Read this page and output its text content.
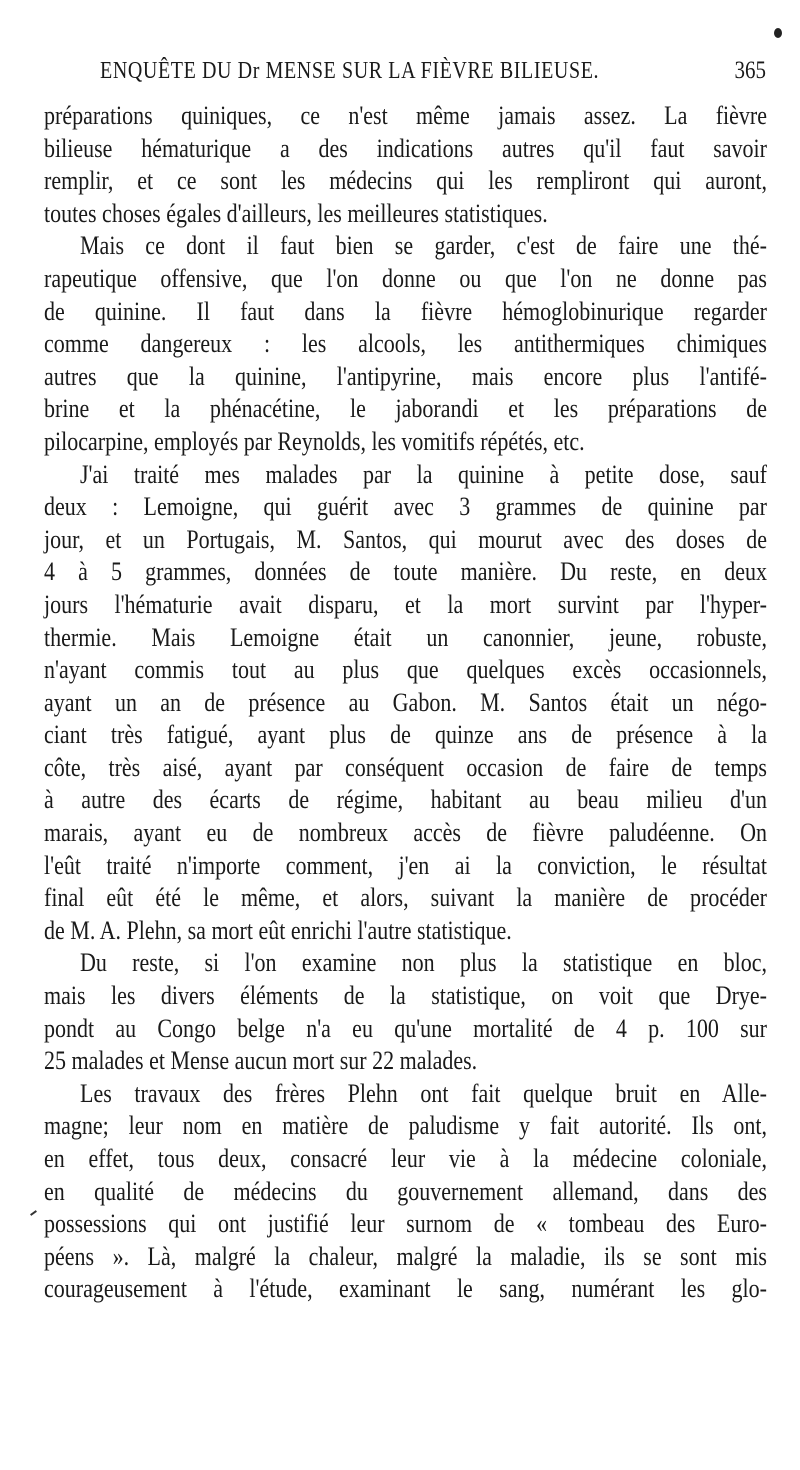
ENQUÊTE DU Dr MENSE SUR LA FIÈVRE BILIEUSE.	365
préparations quiniques, ce n'est même jamais assez. La fièvre
bilieuse hématurique a des indications autres qu'il faut savoir
remplir, et ce sont les médecins qui les rempliront qui auront,
toutes choses égales d'ailleurs, les meilleures statistiques.
Mais ce dont il faut bien se garder, c'est de faire une thé-
rapeutique offensive, que l'on donne ou que l'on ne donne pas
de quinine. Il faut dans la fièvre hémoglobinurique regarder
comme dangereux : les alcools, les antithermiques chimiques
autres que la quinine, l'antipyrine, mais encore plus l'antifé-
brine et la phénacétine, le jaborandi et les préparations de
pilocarpine, employés par Reynolds, les vomitifs répétés, etc.
J'ai traité mes malades par la quinine à petite dose, sauf
deux : Lemoigne, qui guérit avec 3 grammes de quinine par
jour, et un Portugais, M. Santos, qui mourut avec des doses de
4 à 5 grammes, données de toute manière. Du reste, en deux
jours l'hématurie avait disparu, et la mort survint par l'hyper-
thermie. Mais Lemoigne était un canonnier, jeune, robuste,
n'ayant commis tout au plus que quelques excès occasionnels,
ayant un an de présence au Gabon. M. Santos était un négo-
ciant très fatigué, ayant plus de quinze ans de présence à la
côte, très aisé, ayant par conséquent occasion de faire de temps
à autre des écarts de régime, habitant au beau milieu d'un
marais, ayant eu de nombreux accès de fièvre paludéenne. On
l'eût traité n'importe comment, j'en ai la conviction, le résultat
final eût été le même, et alors, suivant la manière de procéder
de M. A. Plehn, sa mort eût enrichi l'autre statistique.
Du reste, si l'on examine non plus la statistique en bloc,
mais les divers éléments de la statistique, on voit que Drye-
pondt au Congo belge n'a eu qu'une mortalité de 4 p. 100 sur
25 malades et Mense aucun mort sur 22 malades.
Les travaux des frères Plehn ont fait quelque bruit en Alle-
magne; leur nom en matière de paludisme y fait autorité. Ils ont,
en effet, tous deux, consacré leur vie à la médecine coloniale,
en qualité de médecins du gouvernement allemand, dans des
possessions qui ont justifié leur surnom de « tombeau des Euro-
péens ». Là, malgré la chaleur, malgré la maladie, ils se sont mis
courageusement à l'étude, examinant le sang, numérant les glo-
